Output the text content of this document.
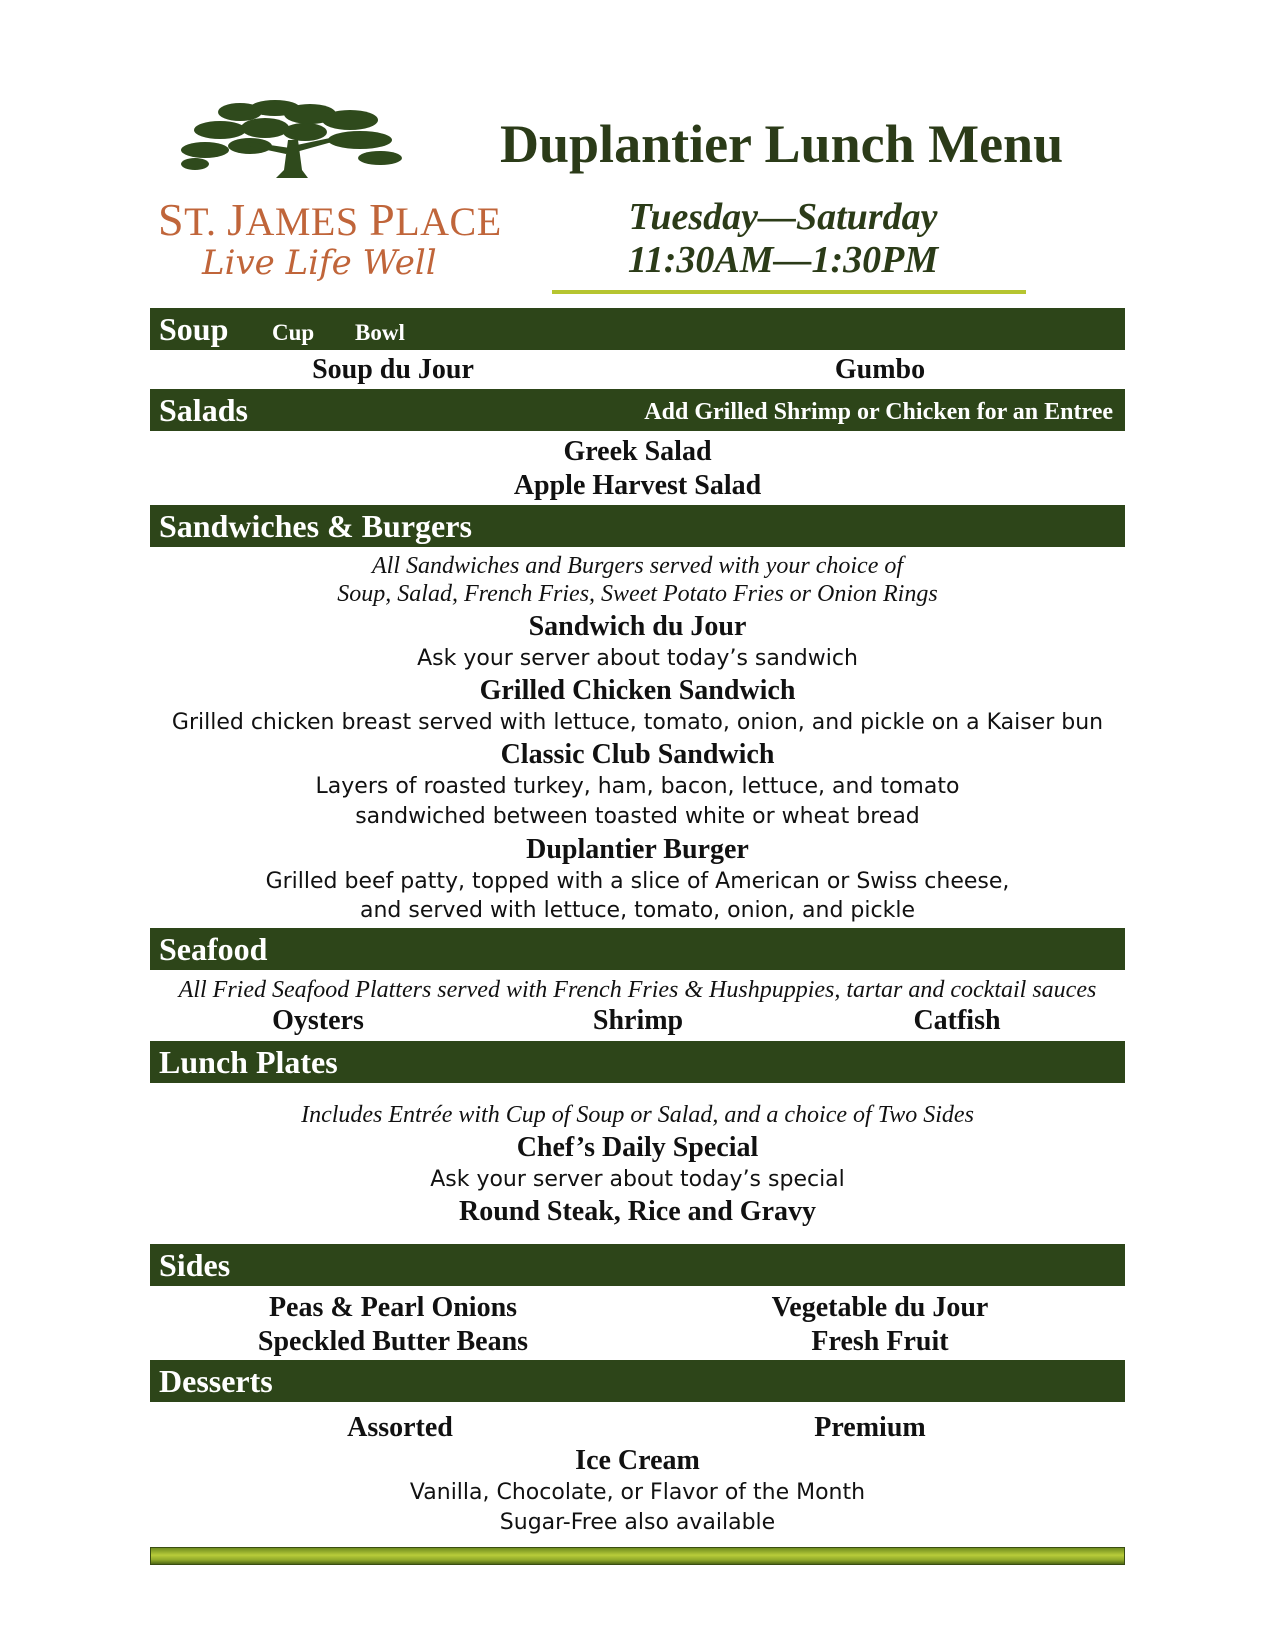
ST. JAMES PLACE
Live Life Well
Duplantier Lunch Menu
Tuesday—Saturday
11:30AM—1:30PM
Soup Cup Bowl
Soup du Jour	Gumbo
Salads	Add Grilled Shrimp or Chicken for an Entree
Greek Salad
Apple Harvest Salad
Sandwiches & Burgers
All Sandwiches and Burgers served with your choice of
Soup, Salad, French Fries, Sweet Potato Fries or Onion Rings
Sandwich du Jour
Ask your server about today’s sandwich
Grilled Chicken Sandwich
Grilled chicken breast served with lettuce, tomato, onion, and pickle on a Kaiser bun
Classic Club Sandwich
Layers of roasted turkey, ham, bacon, lettuce, and tomato
sandwiched between toasted white or wheat bread
Duplantier Burger
Grilled beef patty, topped with a slice of American or Swiss cheese,
and served with lettuce, tomato, onion, and pickle
Seafood
All Fried Seafood Platters served with French Fries & Hushpuppies, tartar and cocktail sauces
Oysters	Shrimp	Catfish
Lunch Plates
Includes Entrée with Cup of Soup or Salad, and a choice of Two Sides
Chef’s Daily Special
Ask your server about today’s special
Round Steak, Rice and Gravy
Sides
Peas & Pearl Onions	Vegetable du Jour
Speckled Butter Beans	Fresh Fruit
Desserts
Assorted	Premium
Ice Cream
Vanilla, Chocolate, or Flavor of the Month
Sugar-Free also available
